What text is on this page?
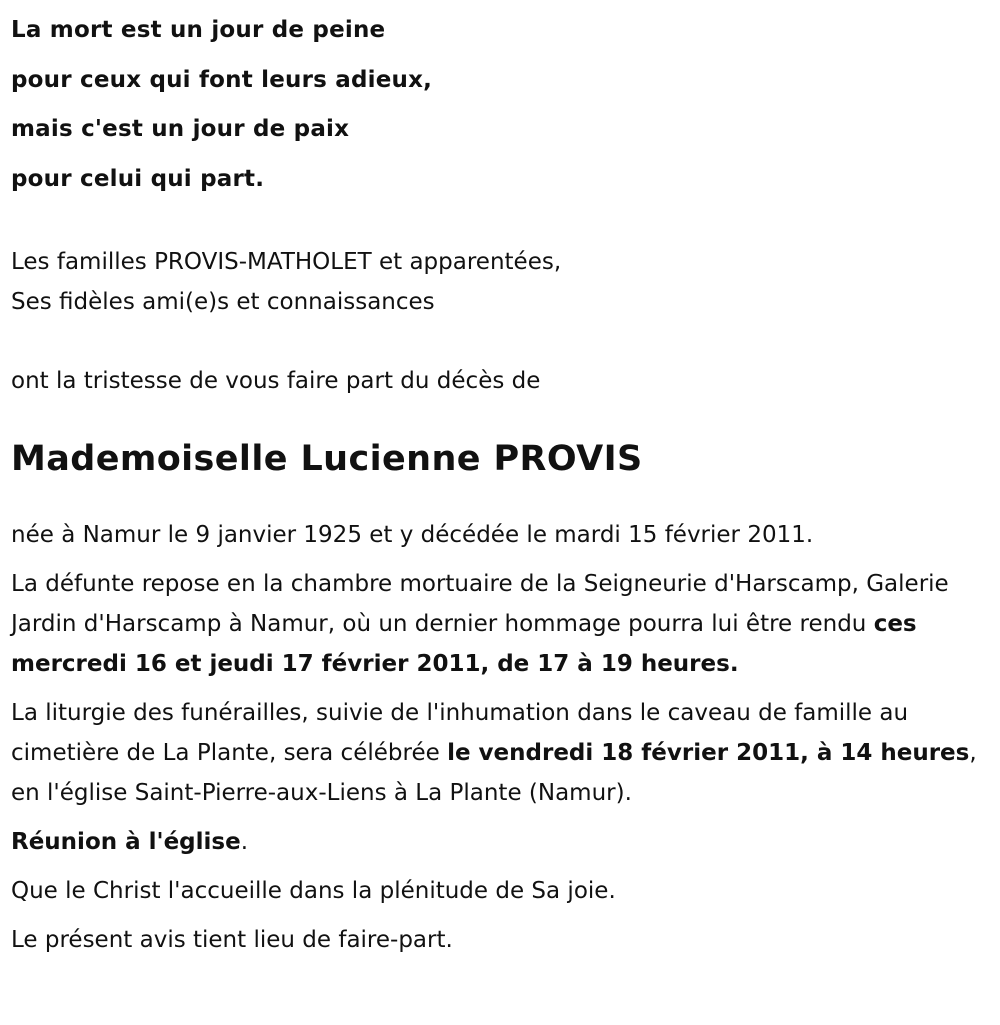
La mort est un jour de peine
pour ceux qui font leurs adieux,
mais c'est un jour de paix
pour celui qui part.
Les familles PROVIS-MATHOLET et apparentées,
Ses fidèles ami(e)s et connaissances
ont la tristesse de vous faire part du décès de
Mademoiselle Lucienne PROVIS

née à Namur le 9 janvier 1925 et y décédée le mardi 15 février 2011.

La défunte repose en la chambre mortuaire de la Seigneurie d'Harscamp, Galerie Jardin d'Harscamp à Namur, où un dernier hommage pourra lui être rendu ces mercredi 16 et jeudi 17 février 2011, de 17 à 19 heures.

La liturgie des funérailles, suivie de l'inhumation dans le caveau de famille au cimetière de La Plante, sera célébrée le vendredi 18 février 2011, à 14 heures, en l'église Saint-Pierre-aux-Liens à La Plante (Namur).

Réunion à l'église.

Que le Christ l'accueille dans la plénitude de Sa joie.

Le présent avis tient lieu de faire-part.
